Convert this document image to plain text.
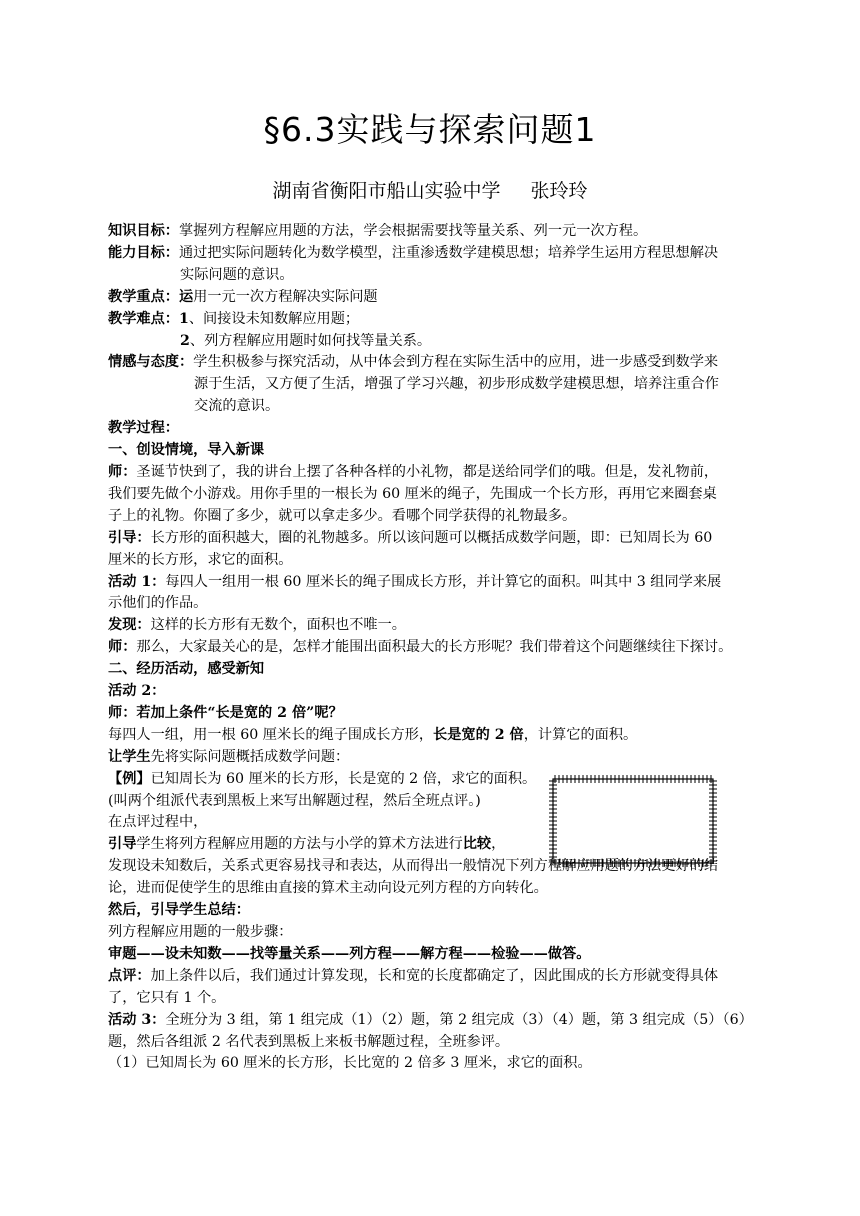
§6.3实践与探索问题1
湖南省衡阳市船山实验中学 张玲玲
知识目标：掌握列方程解应用题的方法，学会根据需要找等量关系、列一元一次方程。
能力目标：通过把实际问题转化为数学模型，注重渗透数学建模思想；培养学生运用方程思想解决
实际问题的意识。
教学重点：运用一元一次方程解决实际问题
教学难点：1、间接设未知数解应用题；
2、列方程解应用题时如何找等量关系。
情感与态度：学生积极参与探究活动，从中体会到方程在实际生活中的应用，进一步感受到数学来
源于生活，又方便了生活，增强了学习兴趣，初步形成数学建模思想，培养注重合作
交流的意识。
教学过程：
一、创设情境，导入新课
师：圣诞节快到了，我的讲台上摆了各种各样的小礼物，都是送给同学们的哦。但是，发礼物前，
我们要先做个小游戏。用你手里的一根长为 60 厘米的绳子，先围成一个长方形，再用它来圈套桌
子上的礼物。你圈了多少，就可以拿走多少。看哪个同学获得的礼物最多。
引导：长方形的面积越大，圈的礼物越多。所以该问题可以概括成数学问题，即：已知周长为 60
厘米的长方形，求它的面积。
活动 1：每四人一组用一根 60 厘米长的绳子围成长方形，并计算它的面积。叫其中 3 组同学来展
示他们的作品。
发现：这样的长方形有无数个，面积也不唯一。
师：那么，大家最关心的是，怎样才能围出面积最大的长方形呢？我们带着这个问题继续往下探讨。
二、经历活动，感受新知
活动 2：
师：若加上条件“长是宽的 2 倍”呢？
每四人一组，用一根 60 厘米长的绳子围成长方形，长是宽的 2 倍，计算它的面积。
让学生先将实际问题概括成数学问题：
【例】已知周长为 60 厘米的长方形，长是宽的 2 倍，求它的面积。
(叫两个组派代表到黑板上来写出解题过程，然后全班点评。)
在点评过程中，
引导学生将列方程解应用题的方法与小学的算术方法进行比较，
发现设未知数后，关系式更容易找寻和表达，从而得出一般情况下列方程解应用题的方法更好的结
论，进而促使学生的思维由直接的算术主动向设元列方程的方向转化。
然后，引导学生总结：
列方程解应用题的一般步骤：
审题——设未知数——找等量关系——列方程——解方程——检验——做答。
点评：加上条件以后，我们通过计算发现，长和宽的长度都确定了，因此围成的长方形就变得具体
了，它只有 1 个。
活动 3：全班分为 3 组，第 1 组完成（1）（2）题，第 2 组完成（3）（4）题，第 3 组完成（5）（6）
题，然后各组派 2 名代表到黑板上来板书解题过程，全班参评。
（1）已知周长为 60 厘米的长方形，长比宽的 2 倍多 3 厘米，求它的面积。
